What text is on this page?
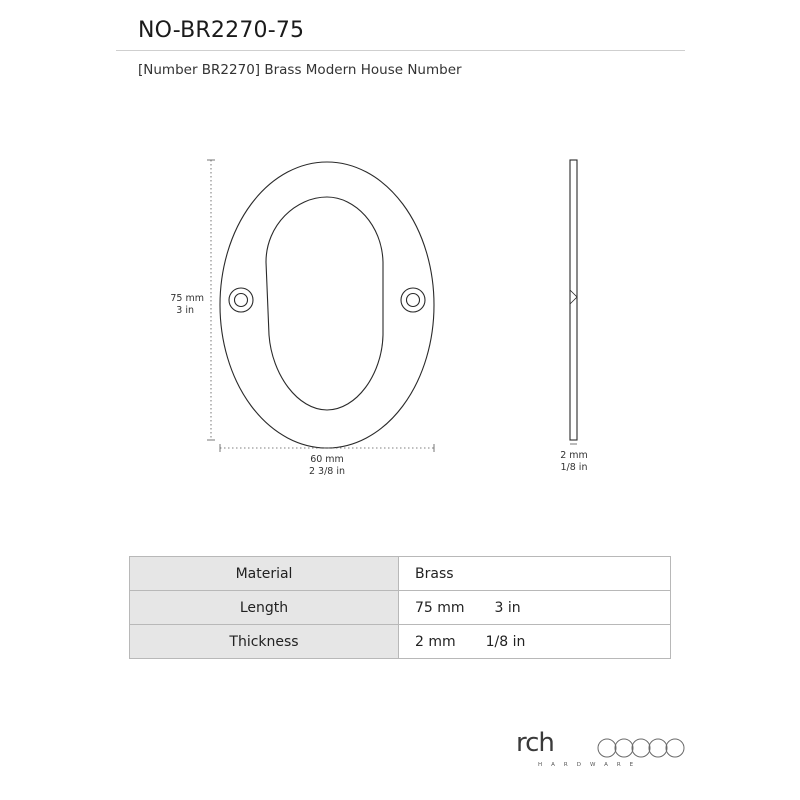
NO-BR2270-75
[Number BR2270] Brass Modern House Number
75 mm
3 in
60 mm
2 3/8 in
2 mm
1/8 in
Material	Brass
Length	75 mm 3 in
Thickness	2 mm 1/8 in
rch
HARDWARE
